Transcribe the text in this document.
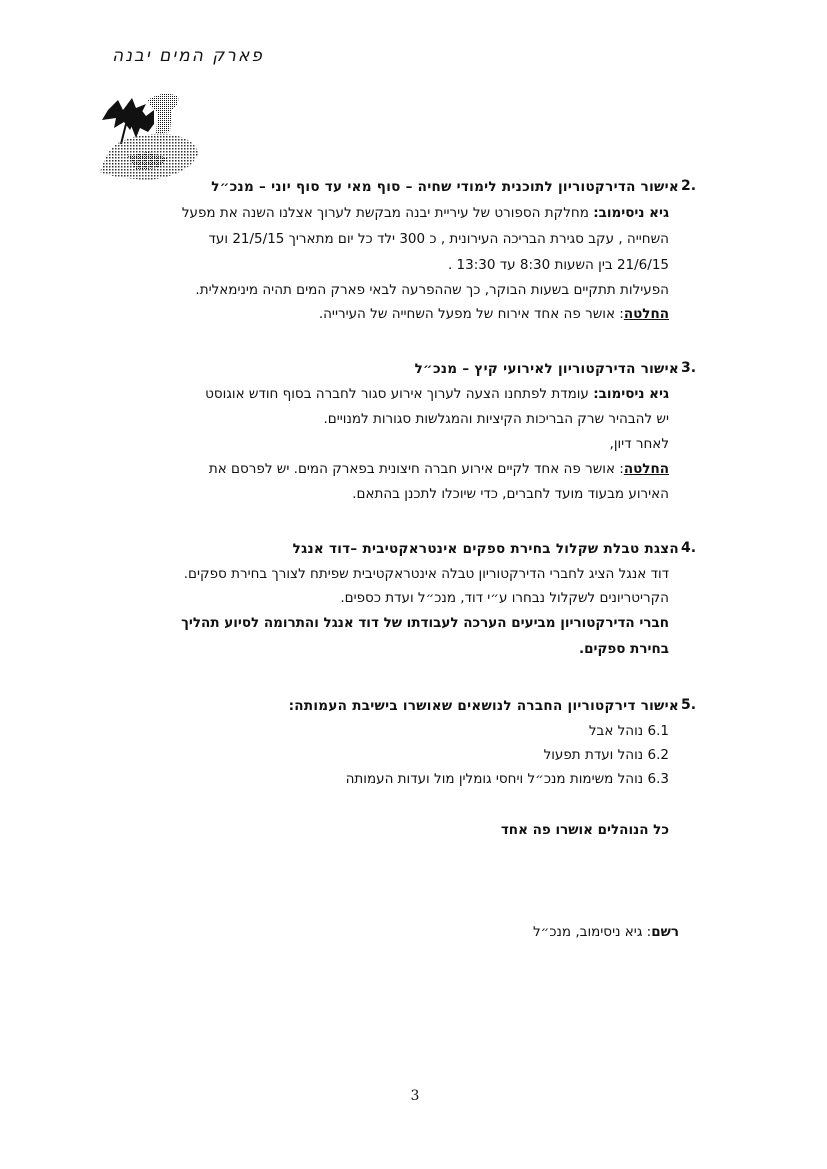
פארק המים יבנה
2.
אישור הדירקטוריון לתוכנית לימודי שחיה – סוף מאי עד סוף יוני – מנכ״ל
גיא ניסימוב: מחלקת הספורט של עיריית יבנה מבקשת לערוך אצלנו השנה את מפעל
השחייה , עקב סגירת הבריכה העירונית , כ 300 ילד כל יום מתאריך 21/5/15 ועד
21/6/15 בין השעות 8:30 עד 13:30 .
הפעילות תתקיים בשעות הבוקר, כך שההפרעה לבאי פארק המים תהיה מינימאלית.
החלטה: אושר פה אחד אירוח של מפעל השחייה של העירייה.
3.
אישור הדירקטוריון לאירועי קיץ – מנכ״ל
גיא ניסימוב: עומדת לפתחנו הצעה לערוך אירוע סגור לחברה בסוף חודש אוגוסט
יש להבהיר שרק הבריכות הקיציות והמגלשות סגורות למנויים.
לאחר דיון,
החלטה: אושר פה אחד לקיים אירוע חברה חיצונית בפארק המים. יש לפרסם את
האירוע מבעוד מועד לחברים, כדי שיוכלו לתכנן בהתאם.
4.
הצגת טבלת שקלול בחירת ספקים אינטראקטיבית –דוד אנגל
דוד אנגל הציג לחברי הדירקטוריון טבלה אינטראקטיבית שפיתח לצורך בחירת ספקים.
הקריטריונים לשקלול נבחרו ע״י דוד, מנכ״ל ועדת כספים.
חברי הדירקטוריון מביעים הערכה לעבודתו של דוד אנגל והתרומה לסיוע תהליך
בחירת ספקים.
5.
אישור דירקטוריון החברה לנושאים שאושרו בישיבת העמותה:
6.1 נוהל אבל
6.2 נוהל ועדת תפעול
6.3 נוהל משימות מנכ״ל ויחסי גומלין מול ועדות העמותה
כל הנוהלים אושרו פה אחד
רשם: גיא ניסימוב, מנכ״ל
3
